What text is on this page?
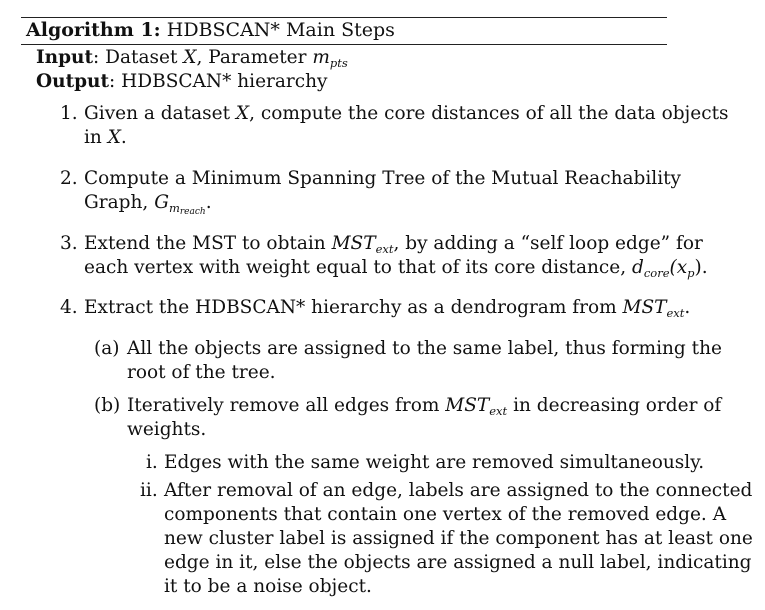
Algorithm 1: HDBSCAN* Main Steps
Input: Dataset X, Parameter $m_{pts}$
Output: HDBSCAN* hierarchy
1. Given a dataset X, compute the core distances of all the data objects
in X.
2. Compute a Minimum Spanning Tree of the Mutual Reachability
Graph, $G_{m_{reach}}$.
3. Extend the MST to obtain $MST_{ext}$, by adding a “self loop edge” for
each vertex with weight equal to that of its core distance, $d_{core}(x_p)$.
4. Extract the HDBSCAN* hierarchy as a dendrogram from $MST_{ext}$.
(a) All the objects are assigned to the same label, thus forming the
root of the tree.
(b) Iteratively remove all edges from $MST_{ext}$ in decreasing order of
weights.
i. Edges with the same weight are removed simultaneously.
ii. After removal of an edge, labels are assigned to the connected
components that contain one vertex of the removed edge. A
new cluster label is assigned if the component has at least one
edge in it, else the objects are assigned a null label, indicating
it to be a noise object.
